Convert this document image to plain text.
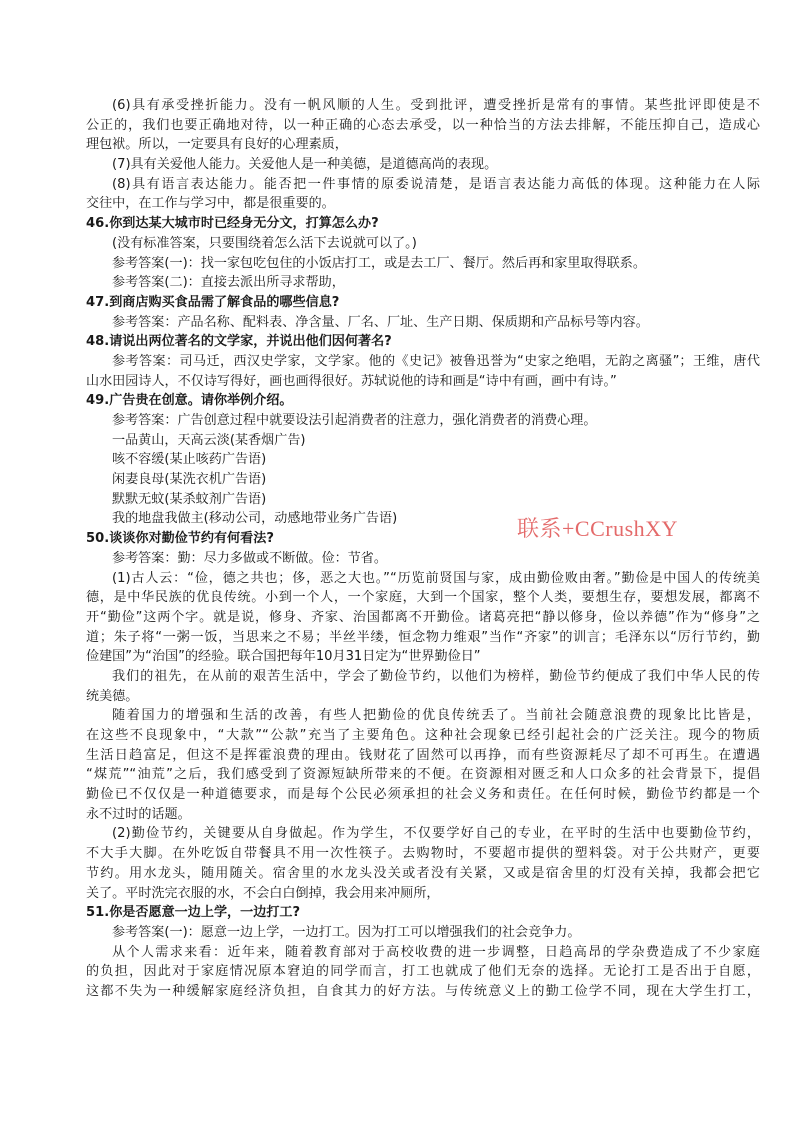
(6)具有承受挫折能力。没有一帆风顺的人生。受到批评，遭受挫折是常有的事情。某些批评即使是不
公正的，我们也要正确地对待，以一种正确的心态去承受，以一种恰当的方法去排解，不能压抑自己，造成心
理包袱。所以，一定要具有良好的心理素质，
(7)具有关爱他人能力。关爱他人是一种美德，是道德高尚的表现。
(8)具有语言表达能力。能否把一件事情的原委说清楚，是语言表达能力高低的体现。这种能力在人际
交往中，在工作与学习中，都是很重要的。
46.你到达某大城市时已经身无分文，打算怎么办?
(没有标准答案，只要围绕着怎么活下去说就可以了。)
参考答案(一)：找一家包吃包住的小饭店打工，或是去工厂、餐厅。然后再和家里取得联系。
参考答案(二)：直接去派出所寻求帮助，
47.到商店购买食品需了解食品的哪些信息?
参考答案：产品名称、配料表、净含量、厂名、厂址、生产日期、保质期和产品标号等内容。
48.请说出两位著名的文学家，并说出他们因何著名?
参考答案：司马迁，西汉史学家，文学家。他的《史记》被鲁迅誉为“史家之绝唱，无韵之离骚”；王维，唐代
山水田园诗人，不仅诗写得好，画也画得很好。苏轼说他的诗和画是“诗中有画，画中有诗。”
49.广告贵在创意。请你举例介绍。
参考答案：广告创意过程中就要设法引起消费者的注意力，强化消费者的消费心理。
一品黄山，天高云淡(某香烟广告)
咳不容缓(某止咳药广告语)
闲妻良母(某洗衣机广告语)
默默无蚊(某杀蚊剂广告语)
我的地盘我做主(移动公司，动感地带业务广告语)
50.谈谈你对勤俭节约有何看法?
参考答案：勤：尽力多做或不断做。俭：节省。
(1)古人云：“俭，德之共也；侈，恶之大也。”“历览前贤国与家，成由勤俭败由奢。”勤俭是中国人的传统美
德，是中华民族的优良传统。小到一个人，一个家庭，大到一个国家，整个人类，要想生存，要想发展，都离不
开“勤俭”这两个字。就是说，修身、齐家、治国都离不开勤俭。诸葛亮把“静以修身，俭以养德”作为“修身”之
道；朱子将“一粥一饭，当思来之不易；半丝半缕，恒念物力维艰”当作“齐家”的训言；毛泽东以“厉行节约，勤
俭建国”为“治国”的经验。联合国把每年10月31日定为“世界勤俭日”
我们的祖先，在从前的艰苦生活中，学会了勤俭节约，以他们为榜样，勤俭节约便成了我们中华人民的传
统美德。
随着国力的增强和生活的改善，有些人把勤俭的优良传统丢了。当前社会随意浪费的现象比比皆是，
在这些不良现象中，“大款”“公款”充当了主要角色。这种社会现象已经引起社会的广泛关注。现今的物质
生活日趋富足，但这不是挥霍浪费的理由。钱财花了固然可以再挣，而有些资源耗尽了却不可再生。在遭遇
“煤荒”“油荒”之后，我们感受到了资源短缺所带来的不便。在资源相对匮乏和人口众多的社会背景下，提倡
勤俭已不仅仅是一种道德要求，而是每个公民必须承担的社会义务和责任。在任何时候，勤俭节约都是一个
永不过时的话题。
(2)勤俭节约，关键要从自身做起。作为学生，不仅要学好自己的专业，在平时的生活中也要勤俭节约，
不大手大脚。在外吃饭自带餐具不用一次性筷子。去购物时，不要超市提供的塑料袋。对于公共财产，更要
节约。用水龙头，随用随关。宿舍里的水龙头没关或者没有关紧，又或是宿舍里的灯没有关掉，我都会把它
关了。平时洗完衣服的水，不会白白倒掉，我会用来冲厕所，
51.你是否愿意一边上学，一边打工?
参考答案(一)：愿意一边上学，一边打工。因为打工可以增强我们的社会竞争力。
从个人需求来看：近年来，随着教育部对于高校收费的进一步调整，日趋高昂的学杂费造成了不少家庭
的负担，因此对于家庭情况原本窘迫的同学而言，打工也就成了他们无奈的选择。无论打工是否出于自愿，
这都不失为一种缓解家庭经济负担，自食其力的好方法。与传统意义上的勤工俭学不同，现在大学生打工，
联系+CCrushXY
